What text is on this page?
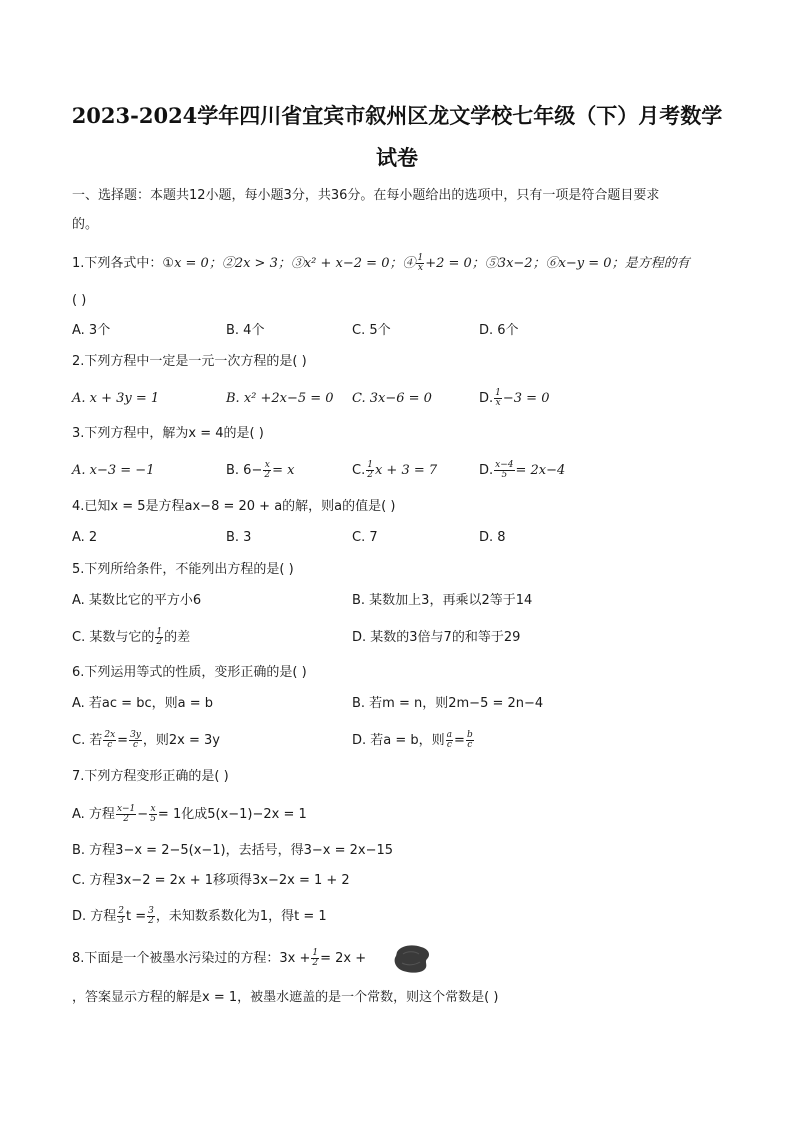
2023-2024学年四川省宜宾市叙州区龙文学校七年级（下）月考数学
试卷
一、选择题：本题共12小题，每小题3分，共36分。在每小题给出的选项中，只有一项是符合题目要求
的。
1.下列各式中：①x = 0；②2x > 3；③x² + x−2 = 0；④ $\frac{1}{x} +2 = 0$；⑤3x−2；⑥x−y = 0；是方程的有
( )
A. 3个	B. 4个	C. 5个	D. 6个
2.下列方程中一定是一元一次方程的是( )
A. x + 3y = 1	B. x² +2x−5 = 0 C. 3x−6 = 0	D. $\frac{1}{x} -3 = 0$
3.下列方程中，解为x = 4的是( )
A. x−3 = −1	B. $6- \frac{x}{2} = x$	C. $\frac{1}{2}$ x + 3 = 7	D. $\frac{x-4}{5} = 2x-4$
4.已知x = 5是方程ax−8 = 20 + a的解，则a的值是( )
A. 2	B. 3	C. 7	D. 8
5.下列所给条件，不能列出方程的是( )
A. 某数比它的平方小6	B. 某数加上3，再乘以2等于14
C. 某数与它的 $\frac{1}{2}$ 的差	D. 某数的3倍与7的和等于29
6.下列运用等式的性质，变形正确的是( )
A. 若ac = bc，则a = b	B. 若m = n，则2m−5 = 2n−4
C. 若 $\frac{2x}{c} = \frac{3y}{c}$ ，则2x = 3y	D. 若a = b，则 $\frac{a}{c} = \frac{b}{c}$
7.下列方程变形正确的是( )
A. 方程 $\frac{x-1}{2} - \frac{x}{5} = 1$化成5(x−1)−2x = 1
B. 方程3−x = 2−5(x−1)，去括号，得3−x = 2x−15
C. 方程3x−2 = 2x + 1移项得3x−2x = 1 + 2
D. 方程 $\frac{2}{3}$ $t = \frac{3}{2}$ ，未知数系数化为1，得t = 1
8.下面是一个被墨水污染过的方程：$3x + \frac{1}{2} = 2x$ +
，答案显示方程的解是x = 1，被墨水遮盖的是一个常数，则这个常数是( )
